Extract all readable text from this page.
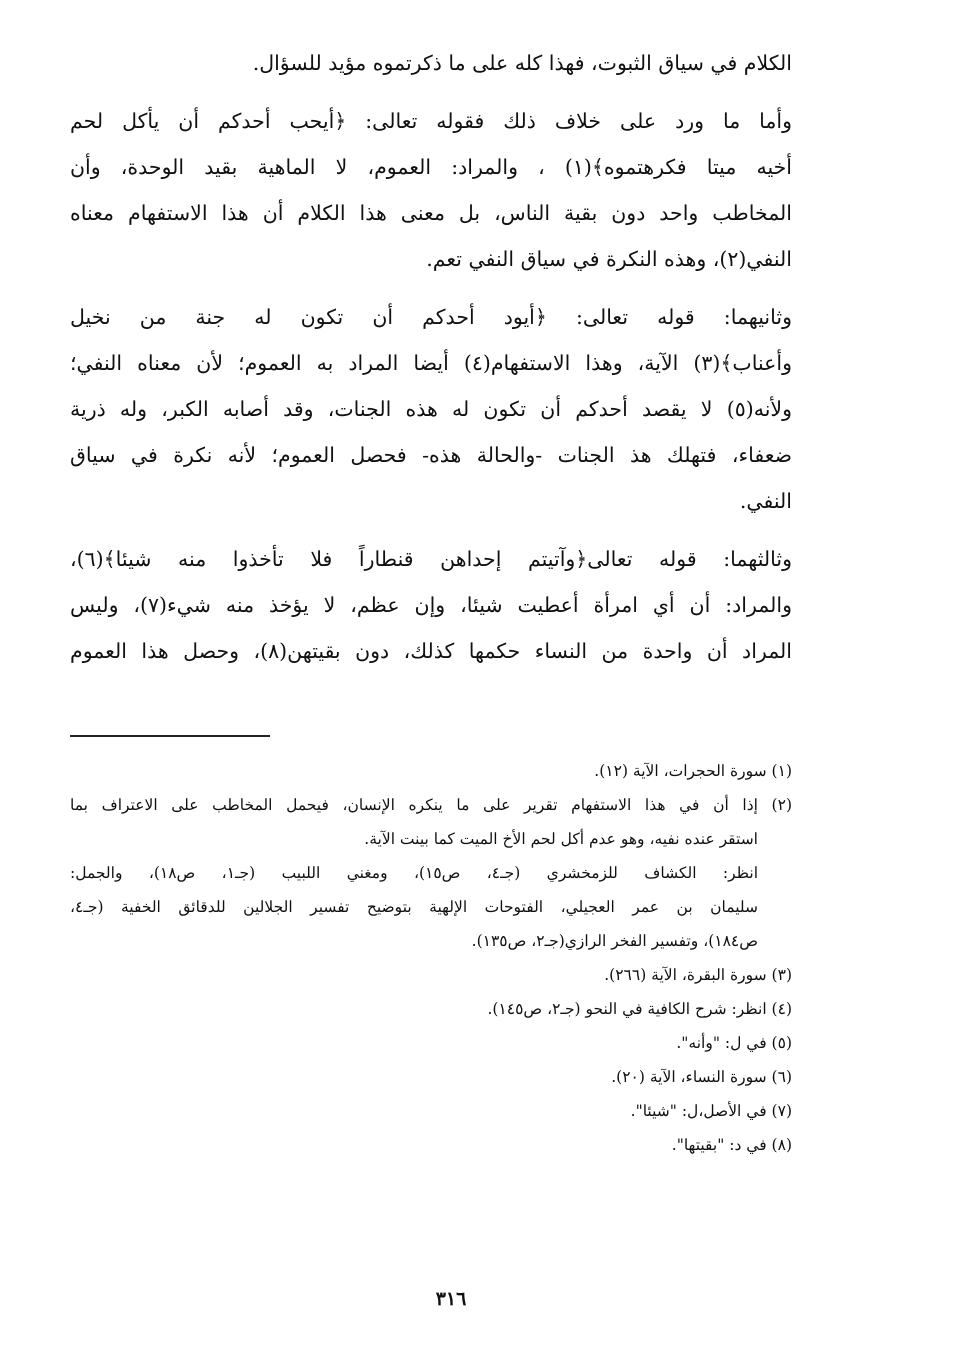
الكلام في سياق الثبوت، فهذا كله على ما ذكرتموه مؤيد للسؤال.
وأما ما ورد على خلاف ذلك فقوله تعالى: ﴿أيحب أحدكم أن يأكل لحم
أخيه ميتا فكرهتموه﴾(١) ، والمراد: العموم، لا الماهية بقيد الوحدة، وأن
المخاطب واحد دون بقية الناس، بل معنى هذا الكلام أن هذا الاستفهام معناه
النفي(٢)، وهذه النكرة في سياق النفي تعم.
وثانيهما: قوله تعالى: ﴿أيود أحدكم أن تكون له جنة من نخيل
وأعناب﴾(٣) الآية، وهذا الاستفهام(٤) أيضا المراد به العموم؛ لأن معناه النفي؛
ولأنه(٥) لا يقصد أحدكم أن تكون له هذه الجنات، وقد أصابه الكبر، وله ذرية
ضعفاء، فتهلك هذ الجنات -والحالة هذه- فحصل العموم؛ لأنه نكرة في سياق
النفي.
وثالثهما: قوله تعالى﴿وآتيتم إحداهن قنطاراً فلا تأخذوا منه شيئا﴾(٦)،
والمراد: أن أي امرأة أعطيت شيئا، وإن عظم، لا يؤخذ منه شيء(٧)، وليس
المراد أن واحدة من النساء حكمها كذلك، دون بقيتهن(٨)، وحصل هذا العموم
(١) سورة الحجرات، الآية (١٢).
(٢) إذا أن في هذا الاستفهام تقرير على ما ينكره الإنسان، فيحمل المخاطب على الاعتراف بما
استقر عنده نفيه، وهو عدم أكل لحم الأخ الميت كما بينت الآية.
انظر: الكشاف للزمخشري (جـ٤، ص١٥)، ومغني اللبيب (جـ١، ص١٨)، والجمل:
سليمان بن عمر العجيلي، الفتوحات الإلهية بتوضيح تفسير الجلالين للدقائق الخفية (جـ٤،
ص١٨٤)، وتفسير الفخر الرازي(جـ٢، ص١٣٥).
(٣) سورة البقرة، الآية (٢٦٦).
(٤) انظر: شرح الكافية في النحو (جـ٢، ص١٤٥).
(٥) في ل: "وأنه".
(٦) سورة النساء، الآية (٢٠).
(٧) في الأصل،ل: "شيئا".
(٨) في د: "بقيتها".
٣١٦
